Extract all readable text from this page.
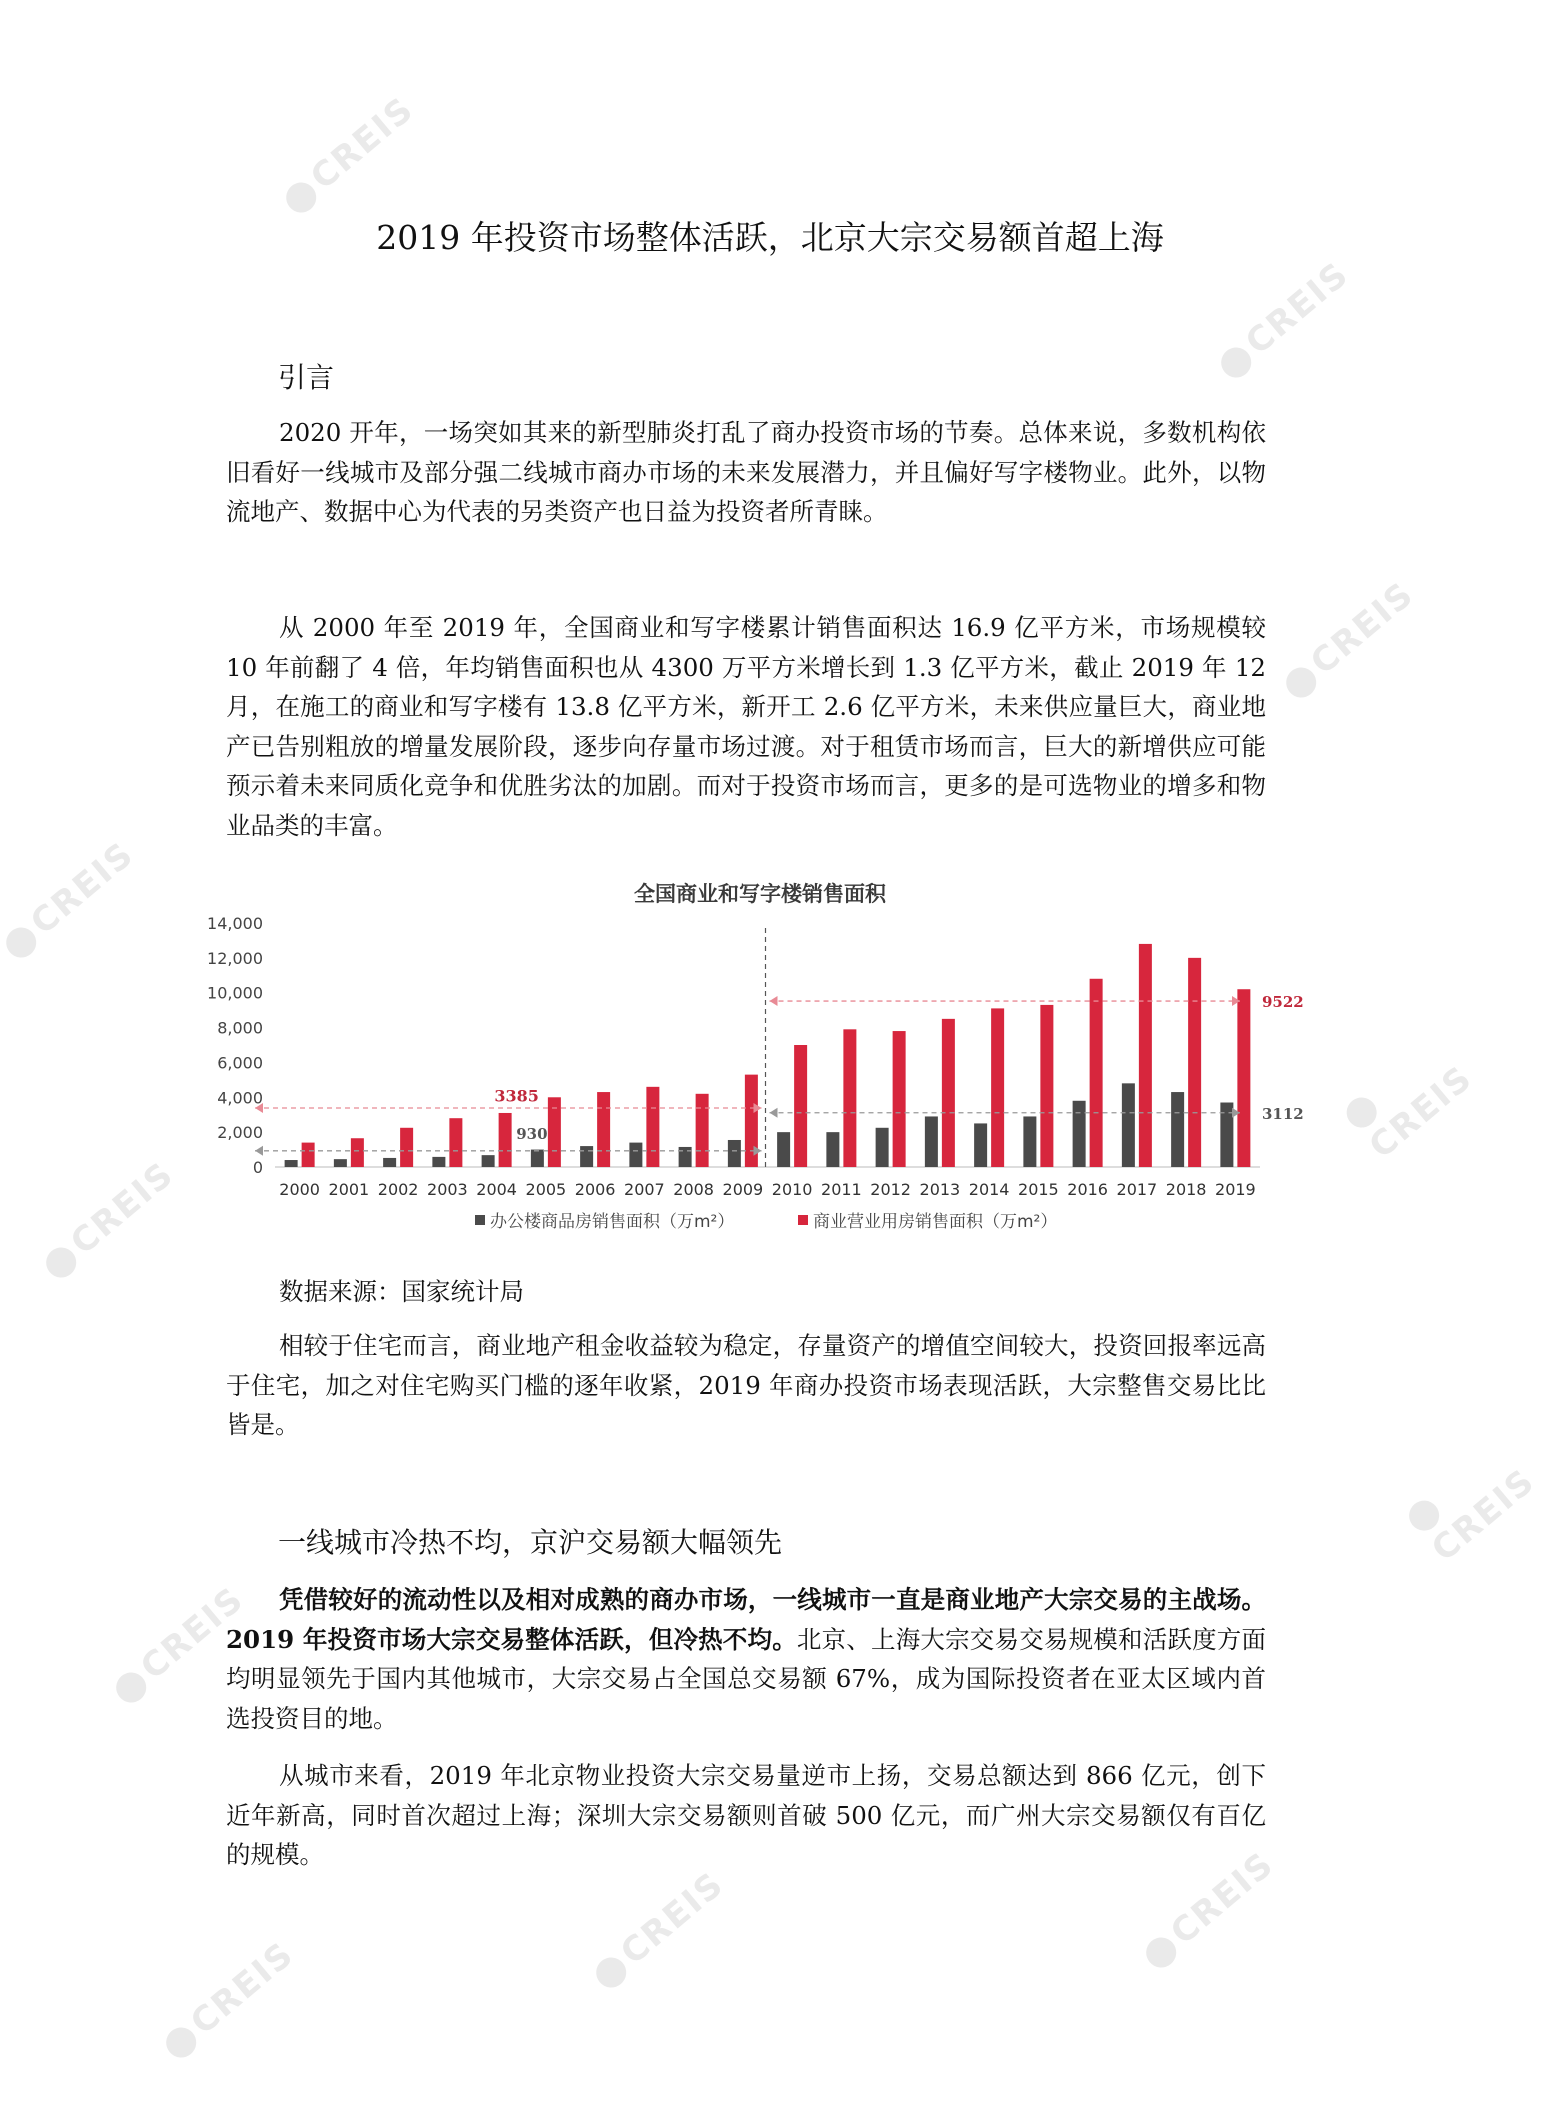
CREIS
CREIS
CREIS
CREIS
CREIS
CREIS
CREIS
CREIS
CREIS	CREIS
CREIS
2019 年投资市场整体活跃，北京大宗交易额首超上海
引言
2020 开年，一场突如其来的新型肺炎打乱了商办投资市场的节奏。总体来说，多数机构依旧看好一线城市及部分强二线城市商办市场的未来发展潜力，并且偏好写字楼物业。此外，以物流地产、数据中心为代表的另类资产也日益为投资者所青睐。
从 2000 年至 2019 年，全国商业和写字楼累计销售面积达 16.9 亿平方米，市场规模较 10 年前翻了 4 倍，年均销售面积也从 4300 万平方米增长到 1.3 亿平方米，截止 2019 年 12 月，在施工的商业和写字楼有 13.8 亿平方米，新开工 2.6 亿平方米，未来供应量巨大，商业地产已告别粗放的增量发展阶段，逐步向存量市场过渡。对于租赁市场而言，巨大的新增供应可能预示着未来同质化竞争和优胜劣汰的加剧。而对于投资市场而言，更多的是可选物业的增多和物业品类的丰富。
全国商业和写字楼销售面积
0
2,000
4,000
6,000
8,000
10,000
12,000
14,000
2000 2001 2002 2003 2004 2005 2006 2007 2008 2009 2010 2011 2012 2013 2014 2015 2016 2017 2018 2019
3385
930
9522
3112
办公楼商品房销售面积（万m²）	商业营业用房销售面积（万m²）
数据来源：国家统计局
相较于住宅而言，商业地产租金收益较为稳定，存量资产的增值空间较大，投资回报率远高于住宅，加之对住宅购买门槛的逐年收紧，2019 年商办投资市场表现活跃，大宗整售交易比比皆是。
一线城市冷热不均，京沪交易额大幅领先
凭借较好的流动性以及相对成熟的商办市场，一线城市一直是商业地产大宗交易的主战场。2019 年投资市场大宗交易整体活跃，但冷热不均。北京、上海大宗交易交易规模和活跃度方面均明显领先于国内其他城市，大宗交易占全国总交易额 67%，成为国际投资者在亚太区域内首选投资目的地。
从城市来看，2019 年北京物业投资大宗交易量逆市上扬，交易总额达到 866 亿元，创下近年新高，同时首次超过上海；深圳大宗交易额则首破 500 亿元，而广州大宗交易额仅有百亿的规模。
